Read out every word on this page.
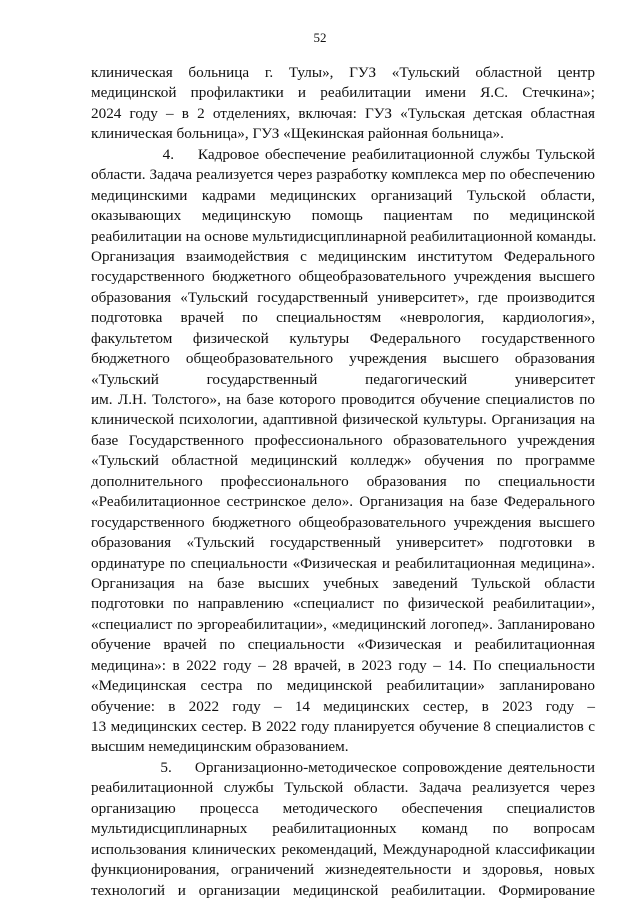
52
клиническая больница г. Тулы», ГУЗ «Тульский областной центр
медицинской профилактики и реабилитации имени Я.С. Стечкина»;
2024 году – в 2 отделениях, включая: ГУЗ «Тульская детская областная
клиническая больница», ГУЗ «Щекинская районная больница».
4.    Кадровое обеспечение реабилитационной службы Тульской
области. Задача реализуется через разработку комплекса мер по обеспечению
медицинскими кадрами медицинских организаций Тульской области,
оказывающих медицинскую помощь пациентам по медицинской
реабилитации на основе мультидисциплинарной реабилитационной команды.
Организация взаимодействия с медицинским институтом Федерального
государственного бюджетного общеобразовательного учреждения высшего
образования «Тульский государственный университет», где производится
подготовка врачей по специальностям «неврология, кардиология»,
факультетом физической культуры Федерального государственного
бюджетного общеобразовательного учреждения высшего образования
«Тульский государственный педагогический университет
им. Л.Н. Толстого», на базе которого проводится обучение специалистов по
клинической психологии, адаптивной физической культуры. Организация на
базе Государственного профессионального образовательного учреждения
«Тульский областной медицинский колледж» обучения по программе
дополнительного профессионального образования по специальности
«Реабилитационное сестринское дело». Организация на базе Федерального
государственного бюджетного общеобразовательного учреждения высшего
образования «Тульский государственный университет» подготовки в
ординатуре по специальности «Физическая и реабилитационная медицина».
Организация на базе высших учебных заведений Тульской области
подготовки по направлению «специалист по физической реабилитации»,
«специалист по эргореабилитации», «медицинский логопед». Запланировано
обучение врачей по специальности «Физическая и реабилитационная
медицина»: в 2022 году – 28 врачей, в 2023 году – 14. По специальности
«Медицинская сестра по медицинской реабилитации» запланировано
обучение: в 2022 году – 14 медицинских сестер, в 2023 году –
13 медицинских сестер. В 2022 году планируется обучение 8 специалистов с
высшим немедицинским образованием.
5.    Организационно-методическое сопровождение деятельности
реабилитационной службы Тульской области. Задача реализуется через
организацию процесса методического обеспечения специалистов
мультидисциплинарных реабилитационных команд по вопросам
использования клинических рекомендаций, Международной классификации
функционирования, ограничений жизнедеятельности и здоровья, новых
технологий и организации медицинской реабилитации. Формирование
